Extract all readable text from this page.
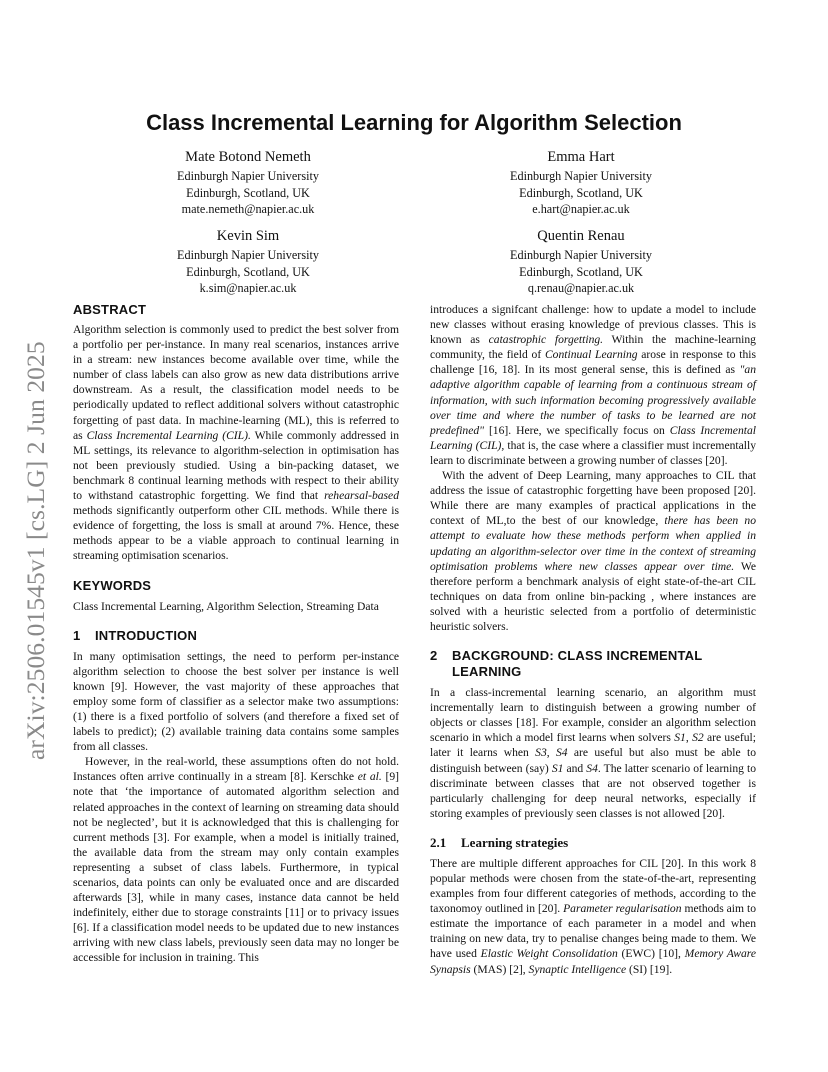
arXiv:2506.01545v1 [cs.LG] 2 Jun 2025
Class Incremental Learning for Algorithm Selection
Mate Botond Nemeth
Edinburgh Napier University
Edinburgh, Scotland, UK
mate.nemeth@napier.ac.uk
Emma Hart
Edinburgh Napier University
Edinburgh, Scotland, UK
e.hart@napier.ac.uk
Kevin Sim
Edinburgh Napier University
Edinburgh, Scotland, UK
k.sim@napier.ac.uk
Quentin Renau
Edinburgh Napier University
Edinburgh, Scotland, UK
q.renau@napier.ac.uk
ABSTRACT

Algorithm selection is commonly used to predict the best solver from a portfolio per per-instance. In many real scenarios, instances arrive in a stream: new instances become available over time, while the number of class labels can also grow as new data distributions arrive downstream. As a result, the classification model needs to be periodically updated to reflect additional solvers without catastrophic forgetting of past data. In machine-learning (ML), this is referred to as Class Incremental Learning (CIL). While commonly addressed in ML settings, its relevance to algorithm-selection in optimisation has not been previously studied. Using a bin-packing dataset, we benchmark 8 continual learning methods with respect to their ability to withstand catastrophic forgetting. We find that rehearsal-based methods significantly outperform other CIL methods. While there is evidence of forgetting, the loss is small at around 7%. Hence, these methods appear to be a viable approach to continual learning in streaming optimisation scenarios.

KEYWORDS

Class Incremental Learning, Algorithm Selection, Streaming Data

1	INTRODUCTION

In many optimisation settings, the need to perform per-instance algorithm selection to choose the best solver per instance is well known [9]. However, the vast majority of these approaches that employ some form of classifier as a selector make two assumptions: (1) there is a fixed portfolio of solvers (and therefore a fixed set of labels to predict); (2) available training data contains some samples from all classes.

However, in the real-world, these assumptions often do not hold. Instances often arrive continually in a stream [8]. Kerschke et al. [9] note that ‘the importance of automated algorithm selection and related approaches in the context of learning on streaming data should not be neglected’, but it is acknowledged that this is challenging for current methods [3]. For example, when a model is initially trained, the available data from the stream may only contain examples representing a subset of class labels. Furthermore, in typical scenarios, data points can only be evaluated once and are discarded afterwards [3], while in many cases, instance data cannot be held indefinitely, either due to storage constraints [11] or to privacy issues [6]. If a classification model needs to be updated due to new instances arriving with new class labels, previously seen data may no longer be accessible for inclusion in training. This

introduces a signifcant challenge: how to update a model to include new classes without erasing knowledge of previous classes. This is known as catastrophic forgetting. Within the machine-learning community, the field of Continual Learning arose in response to this challenge [16, 18]. In its most general sense, this is defined as "an adaptive algorithm capable of learning from a continuous stream of information, with such information becoming progressively available over time and where the number of tasks to be learned are not predefined" [16]. Here, we specifically focus on Class Incremental Learning (CIL), that is, the case where a classifier must incrementally learn to discriminate between a growing number of classes [20].

With the advent of Deep Learning, many approaches to CIL that address the issue of catastrophic forgetting have been proposed [20]. While there are many examples of practical applications in the context of ML,to the best of our knowledge, there has been no attempt to evaluate how these methods perform when applied in updating an algorithm-selector over time in the context of streaming optimisation problems where new classes appear over time. We therefore perform a benchmark analysis of eight state-of-the-art CIL techniques on data from online bin-packing , where instances are solved with a heuristic selected from a portfolio of deterministic heuristic solvers.

2	BACKGROUND: CLASS INCREMENTAL
LEARNING

In a class-incremental learning scenario, an algorithm must incrementally learn to distinguish between a growing number of objects or classes [18]. For example, consider an algorithm selection scenario in which a model first learns when solvers S1, S2 are useful; later it learns when S3, S4 are useful but also must be able to distinguish between (say) S1 and S4. The latter scenario of learning to discriminate between classes that are not observed together is particularly challenging for deep neural networks, especially if storing examples of previously seen classes is not allowed [20].

2.1	Learning strategies

There are multiple different approaches for CIL [20]. In this work 8 popular methods were chosen from the state-of-the-art, representing examples from four different categories of methods, according to the taxonomoy outlined in [20]. Parameter regularisation methods aim to estimate the importance of each parameter in a model and when training on new data, try to penalise changes being made to them. We have used Elastic Weight Consolidation (EWC) [10], Memory Aware Synapsis (MAS) [2], Synaptic Intelligence (SI) [19].
